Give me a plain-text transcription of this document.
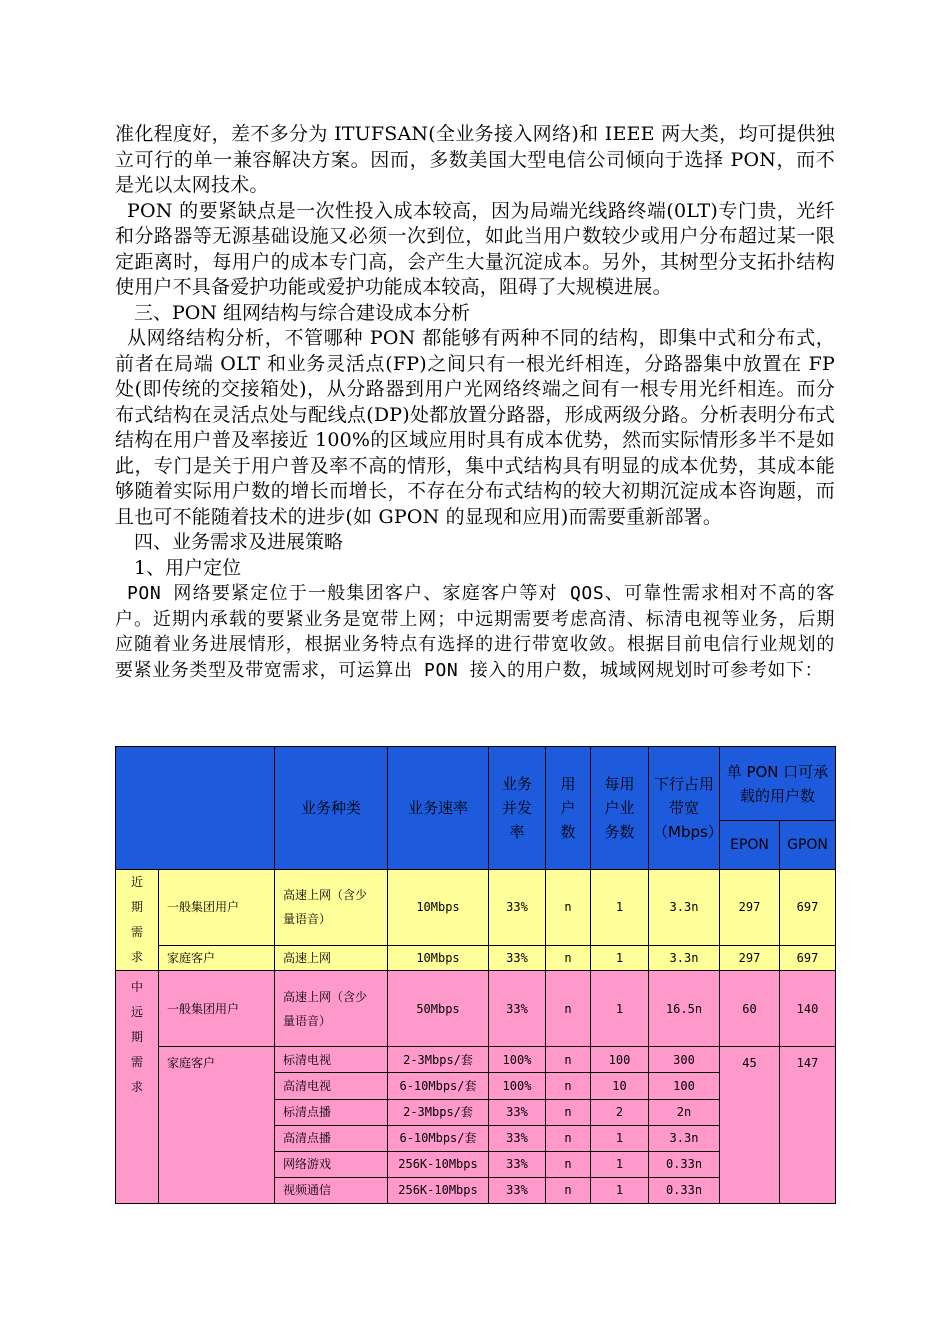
准化程度好，差不多分为 ITUFSAN(全业务接入网络)和 IEEE 两大类，均可提供独立可行的单一兼容解决方案。因而，多数美国大型电信公司倾向于选择 PON，而不是光以太网技术。

PON 的要紧缺点是一次性投入成本较高，因为局端光线路终端(0LT)专门贵，光纤和分路器等无源基础设施又必须一次到位，如此当用户数较少或用户分布超过某一限定距离时，每用户的成本专门高，会产生大量沉淀成本。另外，其树型分支拓扑结构使用户不具备爱护功能或爱护功能成本较高，阻碍了大规模进展。

三、PON 组网结构与综合建设成本分析

从网络结构分析，不管哪种 PON 都能够有两种不同的结构，即集中式和分布式，前者在局端 OLT 和业务灵活点(FP)之间只有一根光纤相连，分路器集中放置在 FP 处(即传统的交接箱处)，从分路器到用户光网络终端之间有一根专用光纤相连。而分布式结构在灵活点处与配线点(DP)处都放置分路器，形成两级分路。分析表明分布式结构在用户普及率接近 100%的区域应用时具有成本优势，然而实际情形多半不是如此，专门是关于用户普及率不高的情形，集中式结构具有明显的成本优势，其成本能够随着实际用户数的增长而增长，不存在分布式结构的较大初期沉淀成本咨询题，而且也可不能随着技术的进步(如 GPON 的显现和应用)而需要重新部署。

四、业务需求及进展策略

1、用户定位

PON 网络要紧定位于一般集团客户、家庭客户等对 QOS、可靠性需求相对不高的客户。近期内承载的要紧业务是宽带上网；中远期需要考虑高清、标清电视等业务，后期应随着业务进展情形，根据业务特点有选择的进行带宽收敛。根据目前电信行业规划的要紧业务类型及带宽需求，可运算出 PON 接入的用户数，城域网规划时可参考如下：

		业务种类	业务速率	业务并发率	用户数	每用户业务数	下行占用带宽（Mbps）	单 PON 口可承载的用户数	
								EPON	GPON
近期需求	一般集团用户	高速上网（含少量语音）	10Mbps	33%	n	1	3.3n	297	697
	家庭客户	高速上网	10Mbps	33%	n	1	3.3n	297	697
中远期需求	一般集团用户	高速上网（含少量语音）	50Mbps	33%	n	1	16.5n	60	140
	家庭客户	标清电视	2-3Mbps/套	100%	n	100	300	45	147
		高清电视	6-10Mbps/套	100%	n	10	100		
		标清点播	2-3Mbps/套	33%	n	2	2n		
		高清点播	6-10Mbps/套	33%	n	1	3.3n		
		网络游戏	256K-10Mbps	33%	n	1	0.33n		
		视频通信	256K-10Mbps	33%	n	1	0.33n		
